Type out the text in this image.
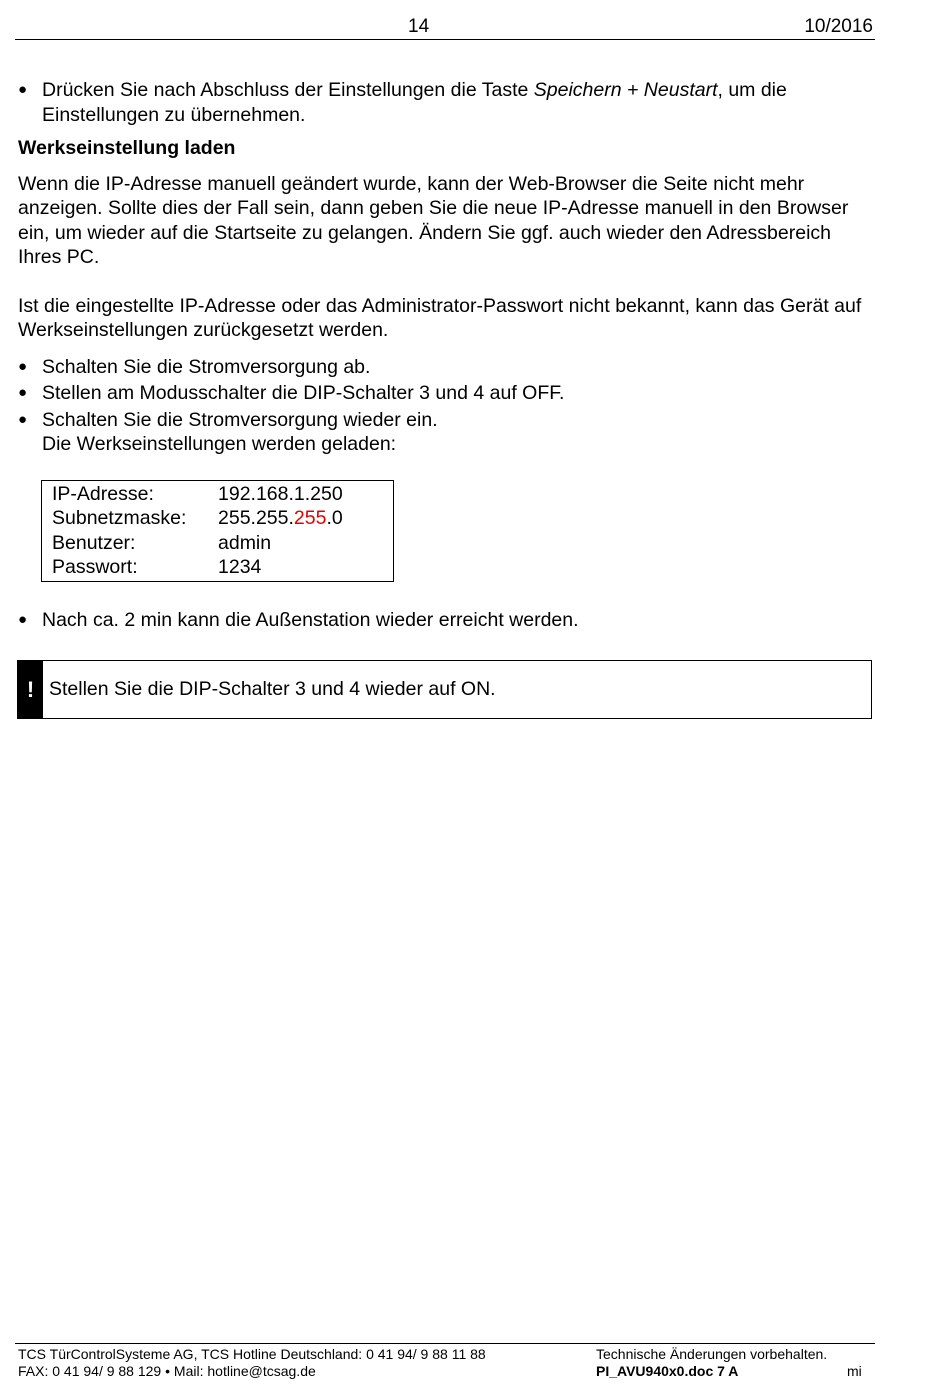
14	10/2016
● Drücken Sie nach Abschluss der Einstellungen die Taste Speichern + Neustart, um die Einstellungen zu übernehmen.
Werkseinstellung laden

Wenn die IP-Adresse manuell geändert wurde, kann der Web-Browser die Seite nicht mehr anzeigen. Sollte dies der Fall sein, dann geben Sie die neue IP-Adresse manuell in den Browser ein, um wieder auf die Startseite zu gelangen. Ändern Sie ggf. auch wieder den Adressbereich Ihres PC.

Ist die eingestellte IP-Adresse oder das Administrator-Passwort nicht bekannt, kann das Gerät auf Werkseinstellungen zurückgesetzt werden.

● Schalten Sie die Stromversorgung ab.
● Stellen am Modusschalter die DIP-Schalter 3 und 4 auf OFF.
● Schalten Sie die Stromversorgung wieder ein.
Die Werkseinstellungen werden geladen:
IP-Adresse:	192.168.1.250
Subnetzmaske:	255.255.255.0
Benutzer:	admin
Passwort:	1234
● Nach ca. 2 min kann die Außenstation wieder erreicht werden.
! Stellen Sie die DIP-Schalter 3 und 4 wieder auf ON.
TCS TürControlSysteme AG, TCS Hotline Deutschland: 0 41 94/ 9 88 11 88
FAX: 0 41 94/ 9 88 129 • Mail: hotline@tcsag.de
Technische Änderungen vorbehalten.
PI_AVU940x0.doc 7 A	mi
